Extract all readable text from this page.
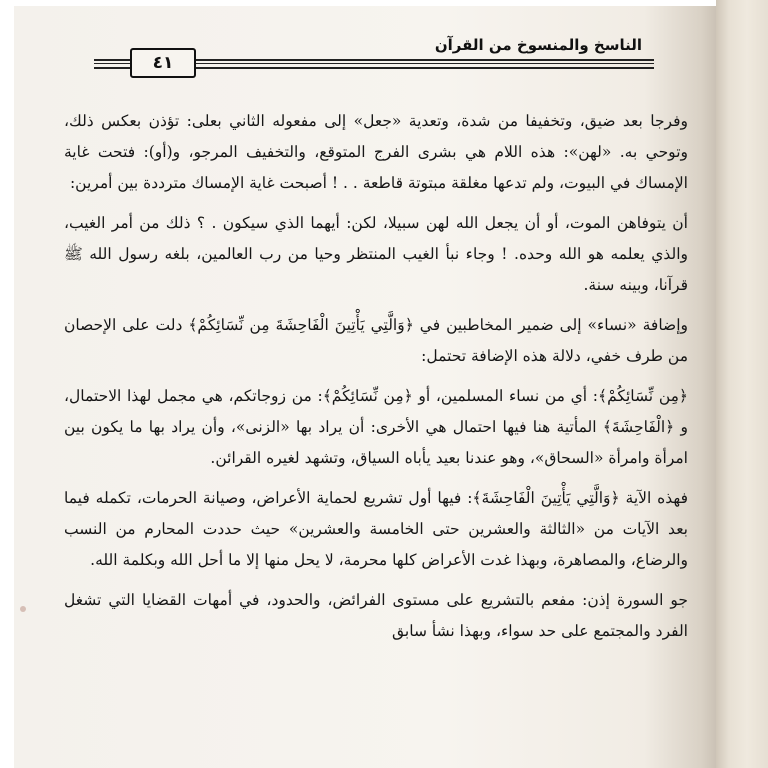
الناسخ والمنسوخ من القرآن
٤١

وفرجا بعد ضيق، وتخفيفا من شدة، وتعدية «جعل» إلى مفعوله الثاني بعلى: تؤذن بعكس ذلك، وتوحي به. «لهن»: هذه اللام هي بشرى الفرج المتوقع، والتخفيف المرجو، و(أو): فتحت غاية الإمساك في البيوت، ولم تدعها مغلقة مبتوتة قاطعة . . ! أصبحت غاية الإمساك مترددة بين أمرين:

أن يتوفاهن الموت، أو أن يجعل الله لهن سبيلا، لكن: أيهما الذي سيكون . ؟ ذلك من أمر الغيب، والذي يعلمه هو الله وحده. ! وجاء نبأ الغيب المنتظر وحيا من رب العالمين، بلغه رسول الله ﷺ قرآنا، وبينه سنة.

وإضافة «نساء» إلى ضمير المخاطبين في ﴿وَالَّتِي يَأْتِينَ الْفَاحِشَةَ مِن نِّسَائِكُمْ﴾ دلت على الإحصان من طرف خفي، دلالة هذه الإضافة تحتمل:

﴿مِن نِّسَائِكُمْ﴾: أي من نساء المسلمين، أو ﴿مِن نِّسَائِكُمْ﴾: من زوجاتكم، هي مجمل لهذا الاحتمال، و ﴿الْفَاحِشَةَ﴾ المأتية هنا فيها احتمال هي الأخرى: أن يراد بها «الزنى»، وأن يراد بها ما يكون بين امرأة وامرأة «السحاق»، وهو عندنا بعيد يأباه السياق، وتشهد لغيره القرائن.

فهذه الآية ﴿وَالَّتِي يَأْتِينَ الْفَاحِشَةَ﴾: فيها أول تشريع لحماية الأعراض، وصيانة الحرمات، تكمله فيما بعد الآيات من «الثالثة والعشرين حتى الخامسة والعشرين» حيث حددت المحارم من النسب والرضاع، والمصاهرة، وبهذا غدت الأعراض كلها محرمة، لا يحل منها إلا ما أحل الله وبكلمة الله.

جو السورة إذن: مفعم بالتشريع على مستوى الفرائض، والحدود، في أمهات القضايا التي تشغل الفرد والمجتمع على حد سواء، وبهذا نشأ سابق
